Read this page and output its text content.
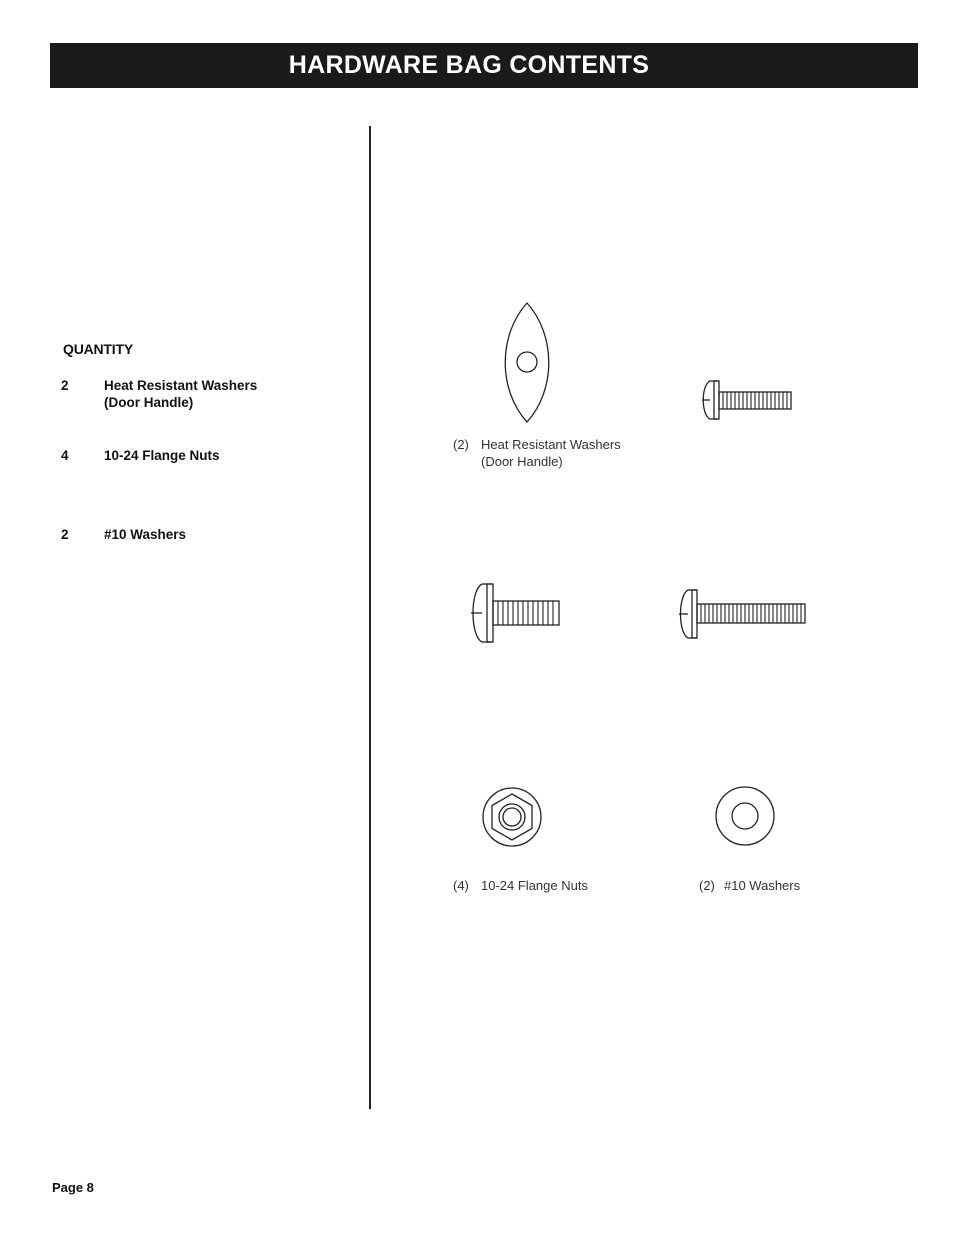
HARDWARE BAG CONTENTS
QUANTITY
2	Heat Resistant Washers
(Door Handle)
4	10-24 Flange Nuts
2	#10 Washers
(2) Heat Resistant Washers
(Door Handle)
(4) 10-24 Flange Nuts	(2) #10 Washers
Page 8
